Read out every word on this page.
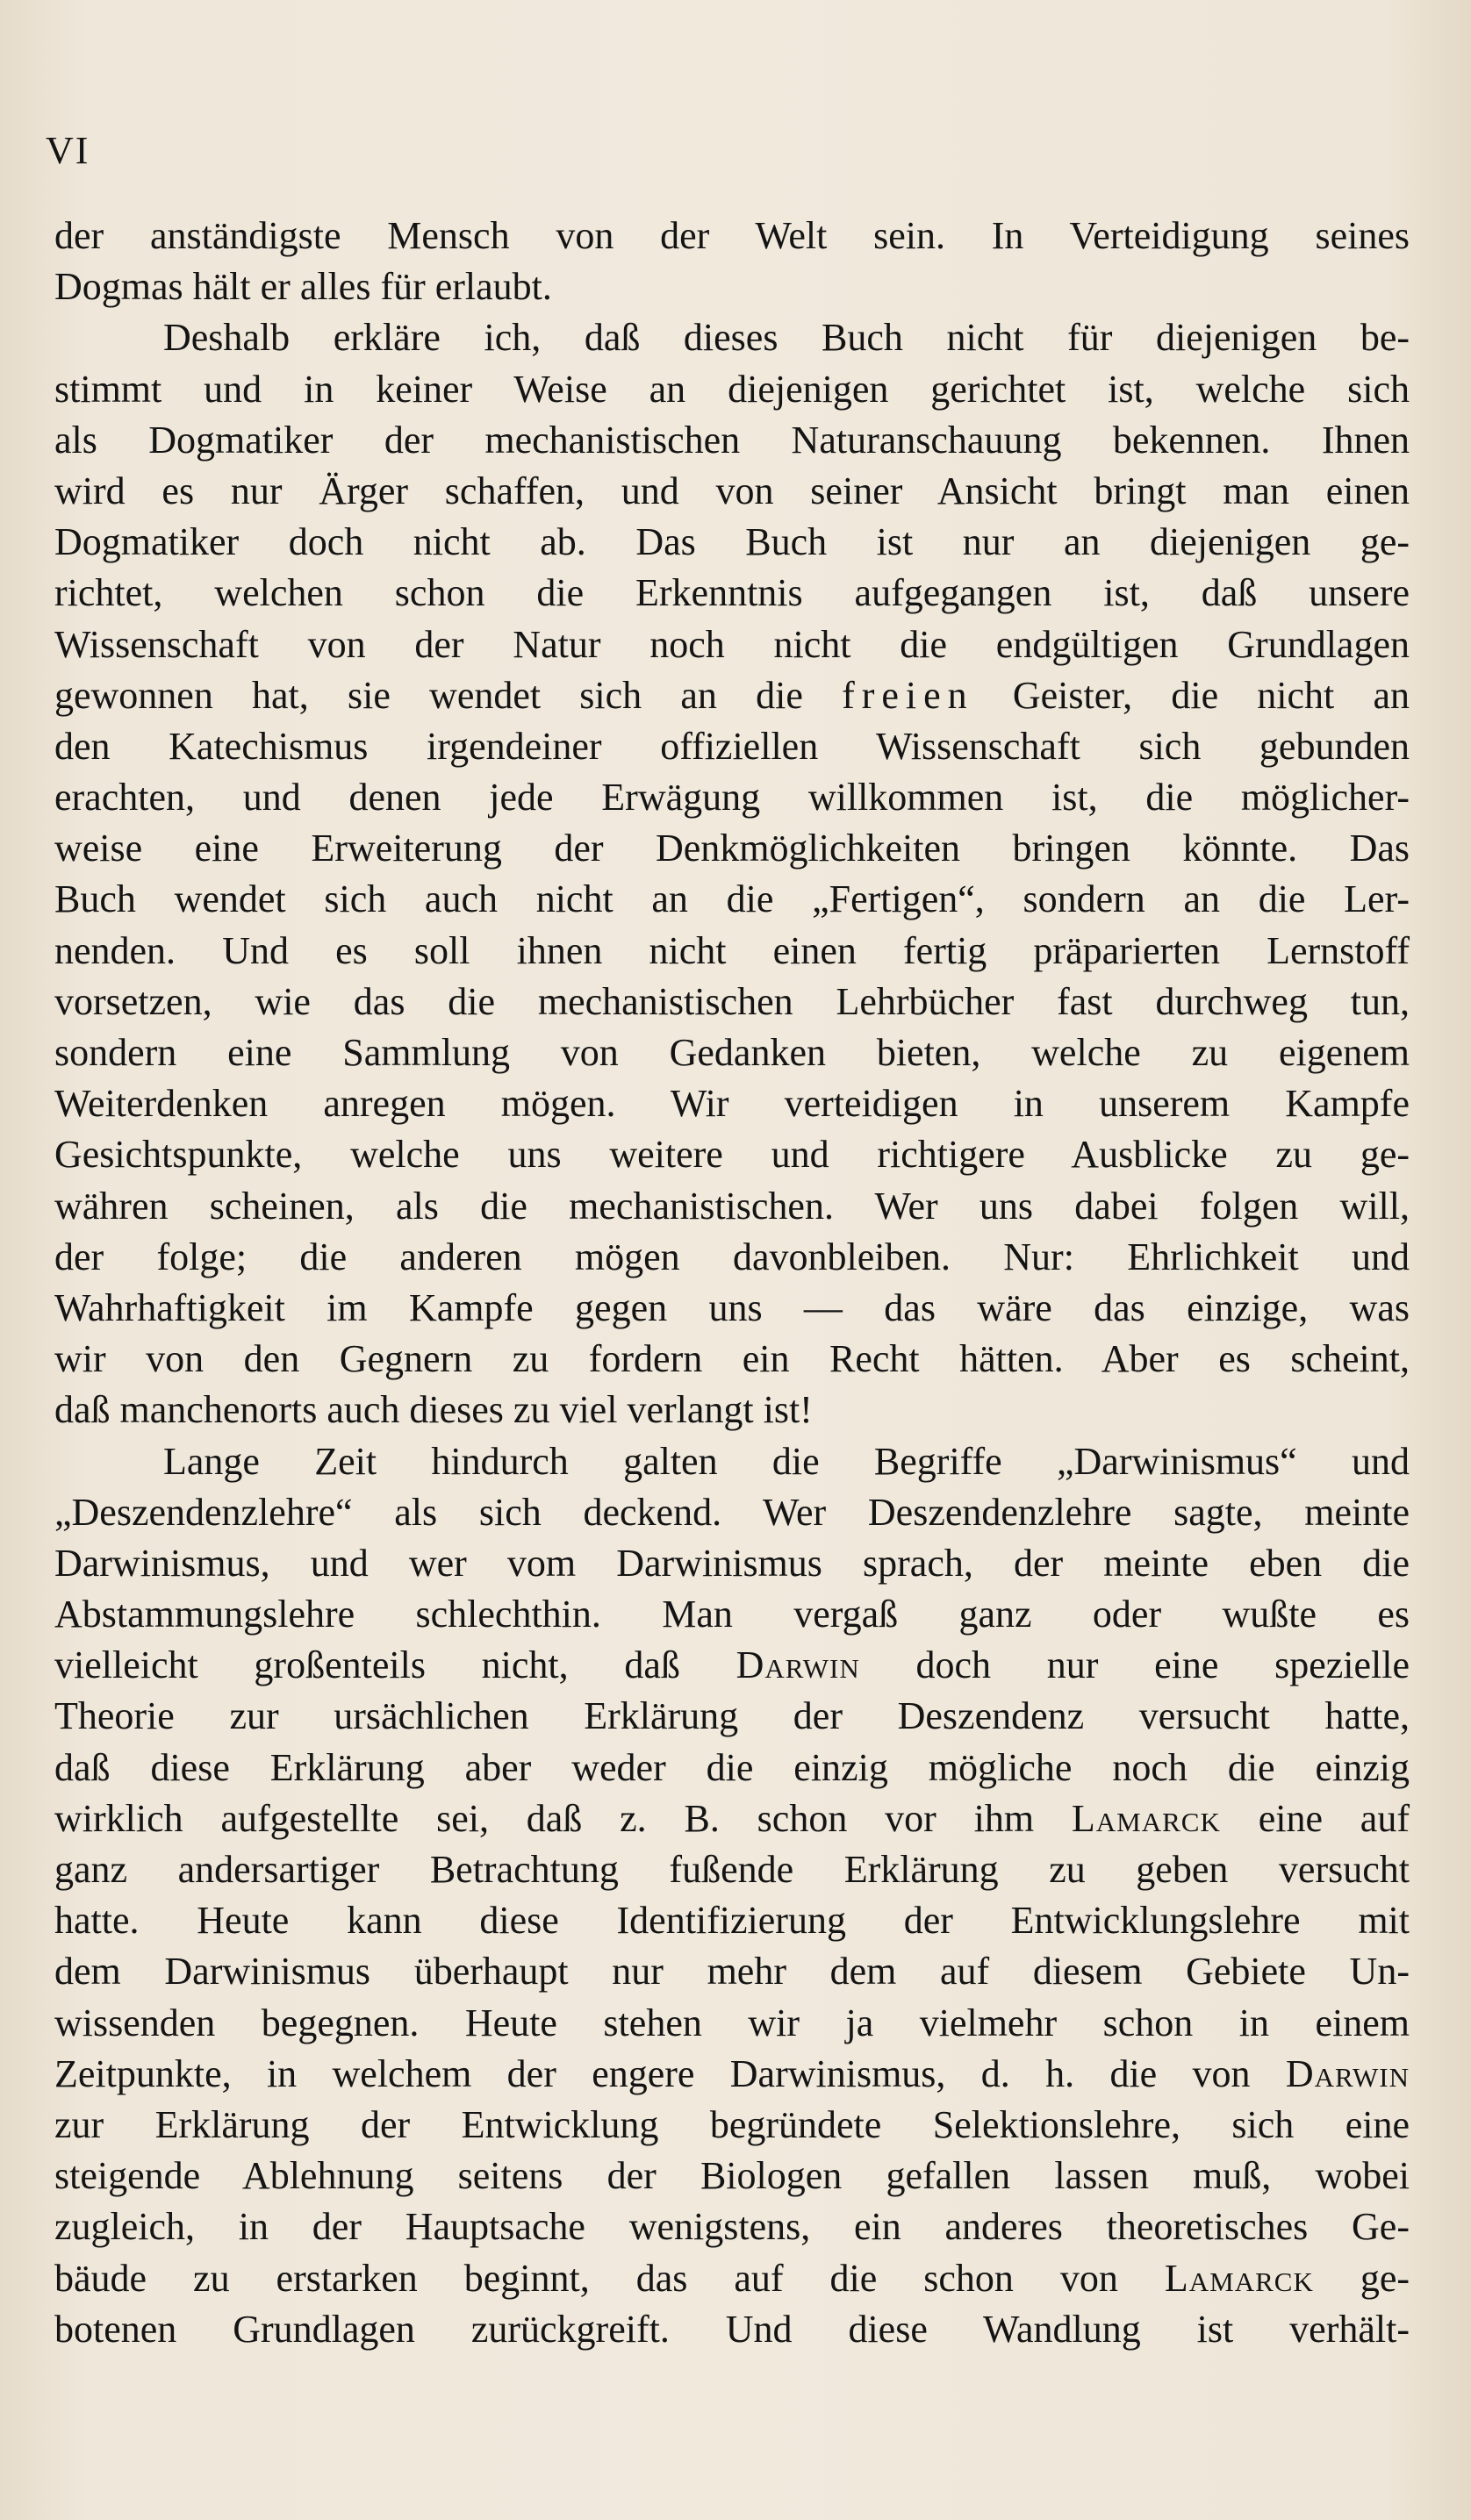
VI
der anständigste Mensch von der Welt sein. In Verteidigung seines
Dogmas hält er alles für erlaubt.
Deshalb erkläre ich, daß dieses Buch nicht für diejenigen be-
stimmt und in keiner Weise an diejenigen gerichtet ist, welche sich
als Dogmatiker der mechanistischen Naturanschauung bekennen. Ihnen
wird es nur Ärger schaffen, und von seiner Ansicht bringt man einen
Dogmatiker doch nicht ab. Das Buch ist nur an diejenigen ge-
richtet, welchen schon die Erkenntnis aufgegangen ist, daß unsere
Wissenschaft von der Natur noch nicht die endgültigen Grundlagen
gewonnen hat, sie wendet sich an die freien Geister, die nicht an
den Katechismus irgendeiner offiziellen Wissenschaft sich gebunden
erachten, und denen jede Erwägung willkommen ist, die möglicher-
weise eine Erweiterung der Denkmöglichkeiten bringen könnte. Das
Buch wendet sich auch nicht an die „Fertigen“, sondern an die Ler-
nenden. Und es soll ihnen nicht einen fertig präparierten Lernstoff
vorsetzen, wie das die mechanistischen Lehrbücher fast durchweg tun,
sondern eine Sammlung von Gedanken bieten, welche zu eigenem
Weiterdenken anregen mögen. Wir verteidigen in unserem Kampfe
Gesichtspunkte, welche uns weitere und richtigere Ausblicke zu ge-
währen scheinen, als die mechanistischen. Wer uns dabei folgen will,
der folge; die anderen mögen davonbleiben. Nur: Ehrlichkeit und
Wahrhaftigkeit im Kampfe gegen uns — das wäre das einzige, was
wir von den Gegnern zu fordern ein Recht hätten. Aber es scheint,
daß manchenorts auch dieses zu viel verlangt ist!
Lange Zeit hindurch galten die Begriffe „Darwinismus“ und
„Deszendenzlehre“ als sich deckend. Wer Deszendenzlehre sagte, meinte
Darwinismus, und wer vom Darwinismus sprach, der meinte eben die
Abstammungslehre schlechthin. Man vergaß ganz oder wußte es
vielleicht großenteils nicht, daß Darwin doch nur eine spezielle
Theorie zur ursächlichen Erklärung der Deszendenz versucht hatte,
daß diese Erklärung aber weder die einzig mögliche noch die einzig
wirklich aufgestellte sei, daß z. B. schon vor ihm Lamarck eine auf
ganz andersartiger Betrachtung fußende Erklärung zu geben versucht
hatte. Heute kann diese Identifizierung der Entwicklungslehre mit
dem Darwinismus überhaupt nur mehr dem auf diesem Gebiete Un-
wissenden begegnen. Heute stehen wir ja vielmehr schon in einem
Zeitpunkte, in welchem der engere Darwinismus, d. h. die von Darwin
zur Erklärung der Entwicklung begründete Selektionslehre, sich eine
steigende Ablehnung seitens der Biologen gefallen lassen muß, wobei
zugleich, in der Hauptsache wenigstens, ein anderes theoretisches Ge-
bäude zu erstarken beginnt, das auf die schon von Lamarck ge-
botenen Grundlagen zurückgreift. Und diese Wandlung ist verhält-
